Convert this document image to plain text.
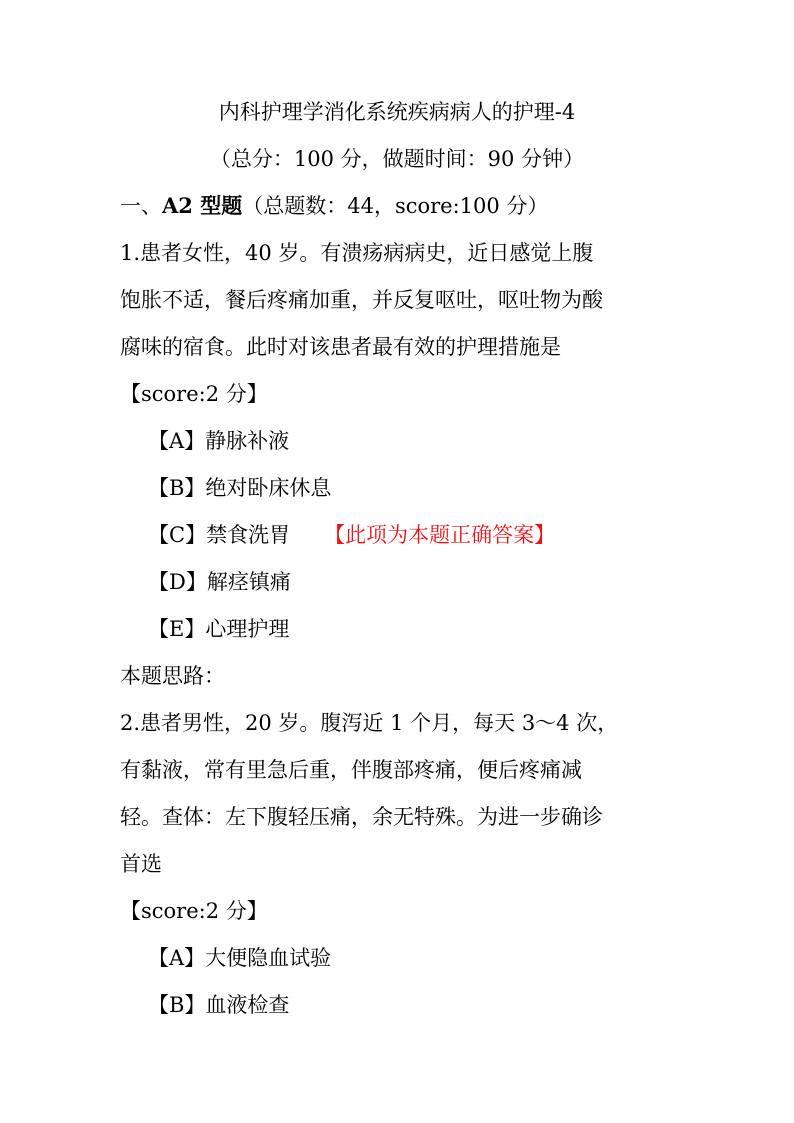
内科护理学消化系统疾病病人的护理-4
（总分：100 分，做题时间：90 分钟）
一、A2 型题（总题数：44，score:100 分）
1.患者女性，40 岁。有溃疡病病史，近日感觉上腹
饱胀不适，餐后疼痛加重，并反复呕吐，呕吐物为酸
腐味的宿食。此时对该患者最有效的护理措施是
【score:2 分】
【A】静脉补液
【B】绝对卧床休息
【C】禁食洗胃 【此项为本题正确答案】
【D】解痉镇痛
【E】心理护理
本题思路：
2.患者男性，20 岁。腹泻近 1 个月，每天 3～4 次，
有黏液，常有里急后重，伴腹部疼痛，便后疼痛减
轻。查体：左下腹轻压痛，余无特殊。为进一步确诊
首选
【score:2 分】
【A】大便隐血试验
【B】血液检查
